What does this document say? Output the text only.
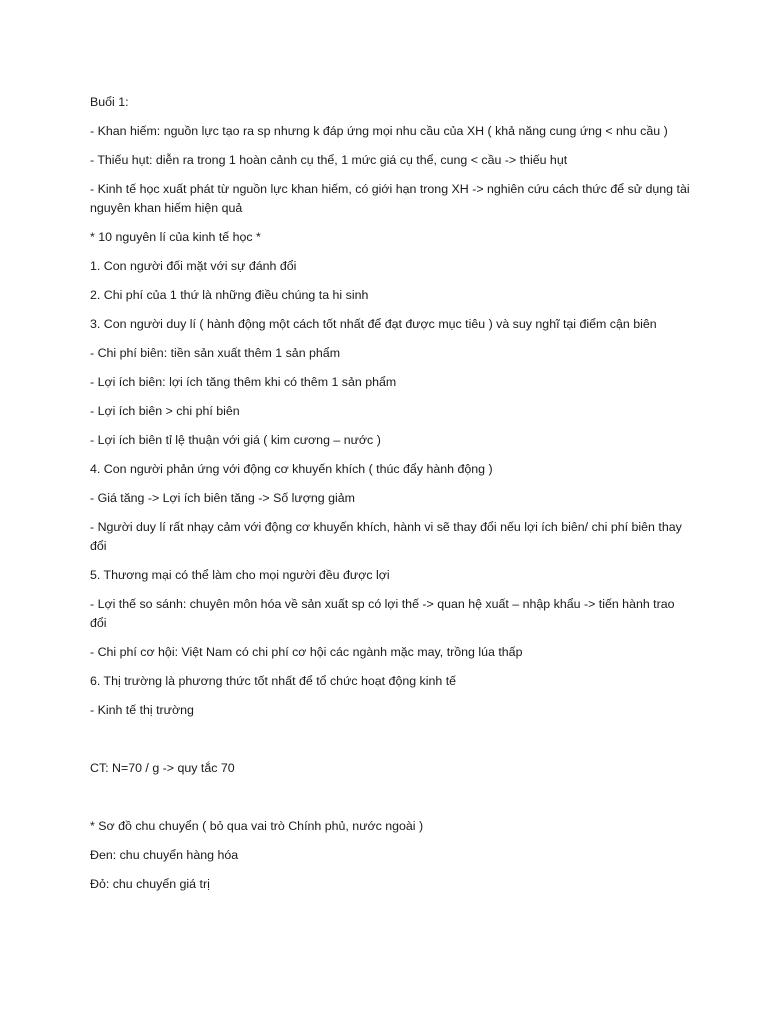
Buổi 1:

- Khan hiếm: nguồn lực tạo ra sp nhưng k đáp ứng mọi nhu cầu của XH ( khả năng cung ứng < nhu cầu )

- Thiếu hụt: diễn ra trong 1 hoàn cảnh cụ thể, 1 mức giá cụ thể, cung < cầu -> thiếu hụt

- Kinh tế học xuất phát từ nguồn lực khan hiếm, có giới hạn trong XH -> nghiên cứu cách thức để sử dụng tài nguyên khan hiếm hiện quả

* 10 nguyên lí của kinh tế học *

1. Con người đối mặt với sự đánh đổi

2. Chi phí của 1 thứ là những điều chúng ta hi sinh

3. Con người duy lí ( hành động một cách tốt nhất để đạt được mục tiêu ) và suy nghĩ tại điểm cận biên

- Chi phí biên: tiền sản xuất thêm 1 sản phẩm

- Lợi ích biên: lợi ích tăng thêm khi có thêm 1 sản phẩm

- Lợi ích biên > chi phí biên

- Lợi ích biên tỉ lệ thuận với giá ( kim cương – nước )

4. Con người phản ứng với động cơ khuyến khích ( thúc đẩy hành động )

- Giá tăng -> Lợi ích biên tăng -> Số lượng giảm

- Người duy lí rất nhạy cảm với động cơ khuyến khích, hành vi sẽ thay đổi nếu lợi ích biên/ chi phí biên thay đổi

5. Thương mại có thể làm cho mọi người đều được lợi

- Lợi thế so sánh: chuyên môn hóa về sản xuất sp có lợi thế -> quan hệ xuất – nhập khẩu -> tiến hành trao đổi

- Chi phí cơ hội: Việt Nam có chi phí cơ hội các ngành mặc may, trồng lúa thấp

6. Thị trường là phương thức tốt nhất để tổ chức hoạt động kinh tế

- Kinh tế thị trường

CT: N=70 / g -> quy tắc 70

* Sơ đồ chu chuyển ( bỏ qua vai trò Chính phủ, nước ngoài )

Đen: chu chuyển hàng hóa

Đỏ: chu chuyển giá trị
